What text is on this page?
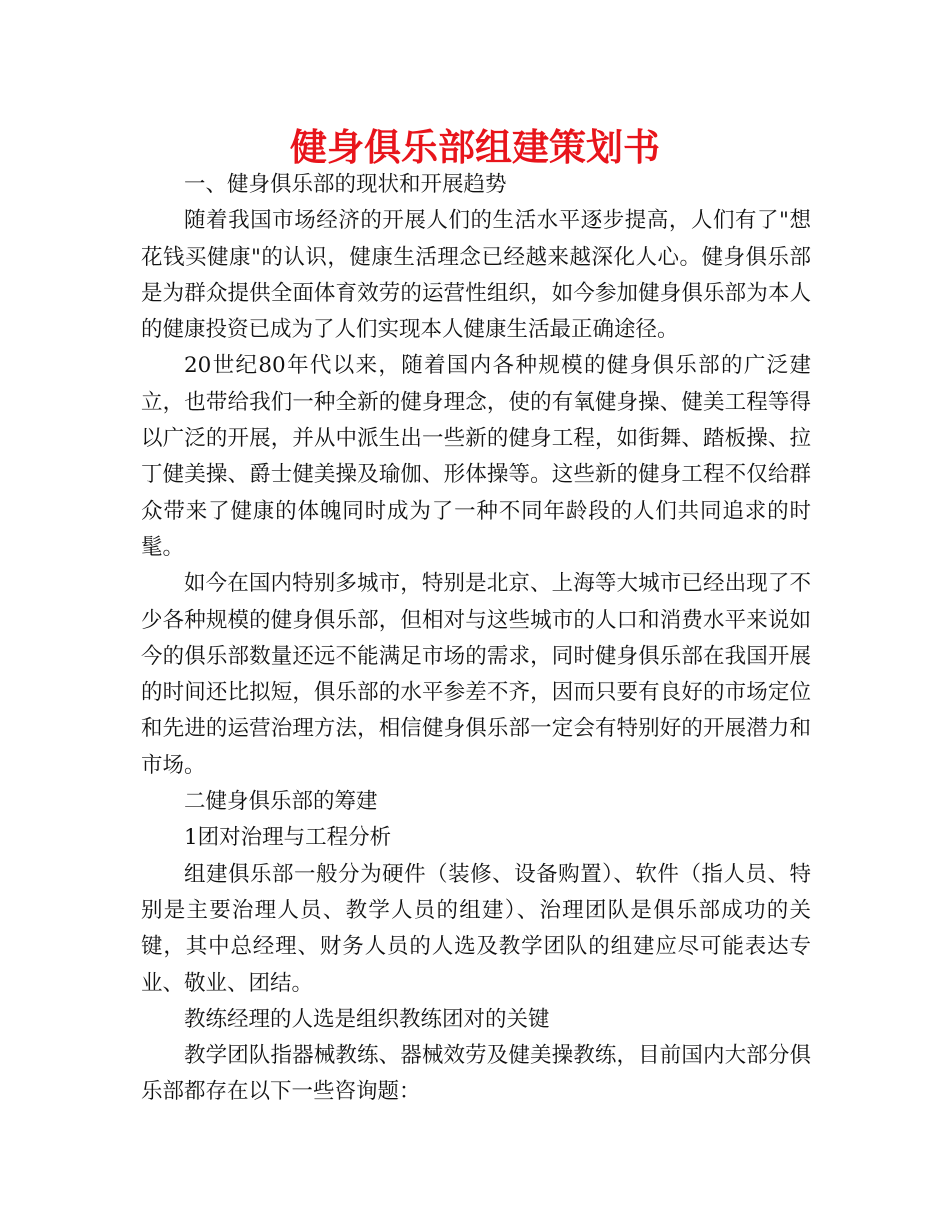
健身俱乐部组建策划书

一、健身俱乐部的现状和开展趋势

随着我国市场经济的开展人们的生活水平逐步提高，人们有了"想花钱买健康"的认识，健康生活理念已经越来越深化人心。健身俱乐部是为群众提供全面体育效劳的运营性组织，如今参加健身俱乐部为本人的健康投资已成为了人们实现本人健康生活最正确途径。

20世纪80年代以来，随着国内各种规模的健身俱乐部的广泛建立，也带给我们一种全新的健身理念，使的有氧健身操、健美工程等得以广泛的开展，并从中派生出一些新的健身工程，如街舞、踏板操、拉丁健美操、爵士健美操及瑜伽、形体操等。这些新的健身工程不仅给群众带来了健康的体魄同时成为了一种不同年龄段的人们共同追求的时髦。

如今在国内特别多城市，特别是北京、上海等大城市已经出现了不少各种规模的健身俱乐部，但相对与这些城市的人口和消费水平来说如今的俱乐部数量还远不能满足市场的需求，同时健身俱乐部在我国开展的时间还比拟短，俱乐部的水平参差不齐，因而只要有良好的市场定位和先进的运营治理方法，相信健身俱乐部一定会有特别好的开展潜力和市场。

二健身俱乐部的筹建

1团对治理与工程分析

组建俱乐部一般分为硬件（装修、设备购置）、软件（指人员、特别是主要治理人员、教学人员的组建）、治理团队是俱乐部成功的关键，其中总经理、财务人员的人选及教学团队的组建应尽可能表达专业、敬业、团结。

教练经理的人选是组织教练团对的关键

教学团队指器械教练、器械效劳及健美操教练，目前国内大部分俱乐部都存在以下一些咨询题：
